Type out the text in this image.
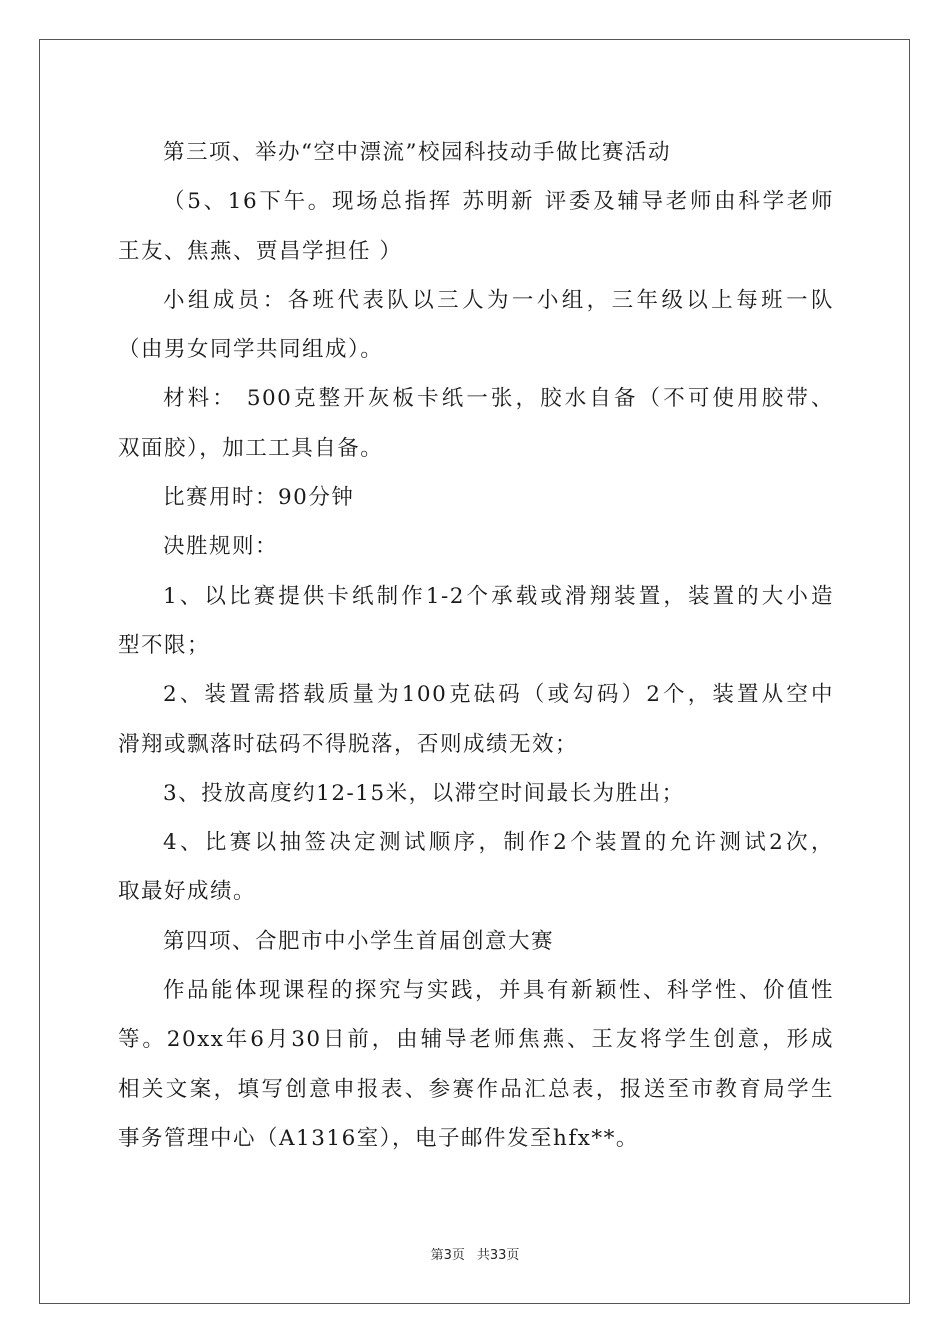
第三项、举办“空中漂流”校园科技动手做比赛活动
（5、16下午。现场总指挥 苏明新 评委及辅导老师由科学老师
王友、焦燕、贾昌学担任 ）
小组成员：各班代表队以三人为一小组，三年级以上每班一队
（由男女同学共同组成）。
材料： 500克整开灰板卡纸一张，胶水自备（不可使用胶带、
双面胶），加工工具自备。
比赛用时：90分钟
决胜规则：
1、以比赛提供卡纸制作1-2个承载或滑翔装置，装置的大小造
型不限；
2、装置需搭载质量为100克砝码（或勾码）2个，装置从空中
滑翔或飘落时砝码不得脱落，否则成绩无效；
3、投放高度约12-15米，以滞空时间最长为胜出；
4、比赛以抽签决定测试顺序，制作2个装置的允许测试2次，
取最好成绩。
第四项、合肥市中小学生首届创意大赛
作品能体现课程的探究与实践，并具有新颖性、科学性、价值性
等。20xx年6月30日前，由辅导老师焦燕、王友将学生创意，形成
相关文案，填写创意申报表、参赛作品汇总表，报送至市教育局学生
事务管理中心（A1316室），电子邮件发至hfx**。
第3页 共33页
